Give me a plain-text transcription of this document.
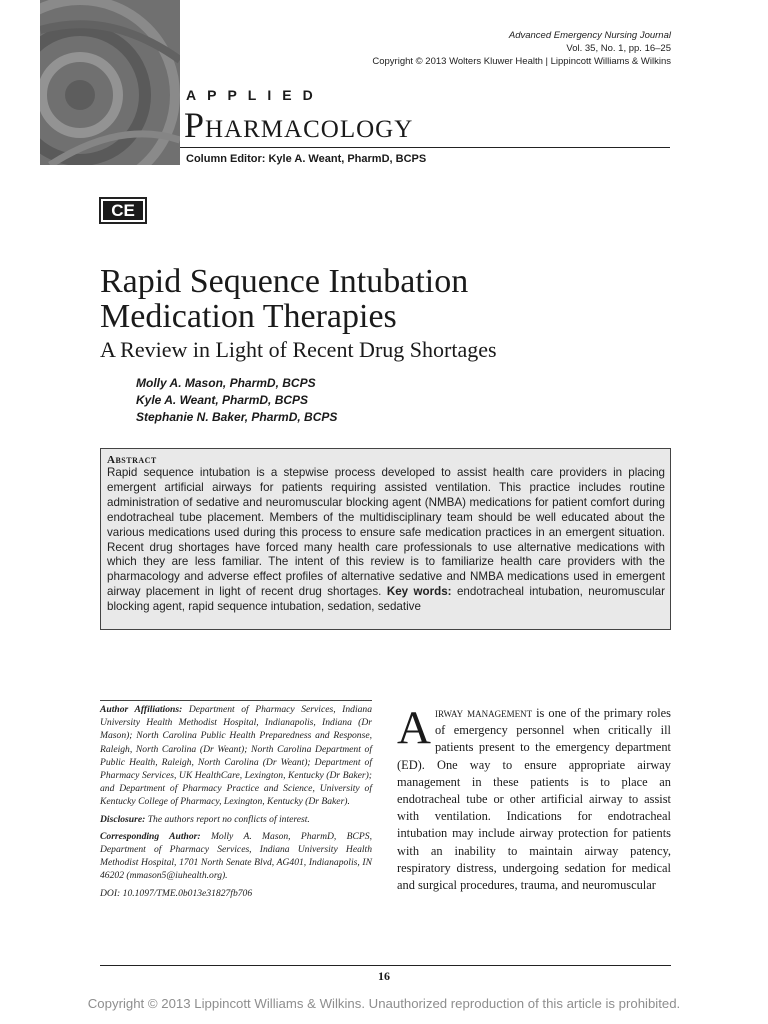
Advanced Emergency Nursing Journal
Vol. 35, No. 1, pp. 16–25
Copyright © 2013 Wolters Kluwer Health | Lippincott Williams & Wilkins
APPLIED
Pharmacology
Column Editor: Kyle A. Weant, PharmD, BCPS
CE
Rapid Sequence Intubation
Medication Therapies
A Review in Light of Recent Drug Shortages
Molly A. Mason, PharmD, BCPS
Kyle A. Weant, PharmD, BCPS
Stephanie N. Baker, PharmD, BCPS
Abstract
Rapid sequence intubation is a stepwise process developed to assist health care providers in placing emergent artificial airways for patients requiring assisted ventilation. This practice includes routine administration of sedative and neuromuscular blocking agent (NMBA) medications for patient comfort during endotracheal tube placement. Members of the multidisciplinary team should be well educated about the various medications used during this process to ensure safe medication practices in an emergent situation. Recent drug shortages have forced many health care professionals to use alternative medications with which they are less familiar. The intent of this review is to familiarize health care providers with the pharmacology and adverse effect profiles of alternative sedative and NMBA medications used in emergent airway placement in light of recent drug shortages. Key words: endotracheal intubation, neuromuscular blocking agent, rapid sequence intubation, sedation, sedative

Author Affiliations: Department of Pharmacy Services, Indiana University Health Methodist Hospital, Indianapolis, Indiana (Dr Mason); North Carolina Public Health Preparedness and Response, Raleigh, North Carolina (Dr Weant); North Carolina Department of Public Health, Raleigh, North Carolina (Dr Weant); Department of Pharmacy Services, UK HealthCare, Lexington, Kentucky (Dr Baker); and Department of Pharmacy Practice and Science, University of Kentucky College of Pharmacy, Lexington, Kentucky (Dr Baker).

Disclosure: The authors report no conflicts of interest.

Corresponding Author: Molly A. Mason, PharmD, BCPS, Department of Pharmacy Services, Indiana University Health Methodist Hospital, 1701 North Senate Blvd, AG401, Indianapolis, IN 46202 (mmason5@iuhealth.org).

DOI: 10.1097/TME.0b013e31827fb706

Airway management is one of the primary roles of emergency personnel when critically ill patients present to the emergency department (ED). One way to ensure appropriate airway management in these patients is to place an endotracheal tube or other artificial airway to assist with ventilation. Indications for endotracheal intubation may include airway protection for patients with an inability to maintain airway patency, respiratory distress, undergoing sedation for medical and surgical procedures, trauma, and neuromuscular
16
Copyright © 2013 Lippincott Williams & Wilkins. Unauthorized reproduction of this article is prohibited.
